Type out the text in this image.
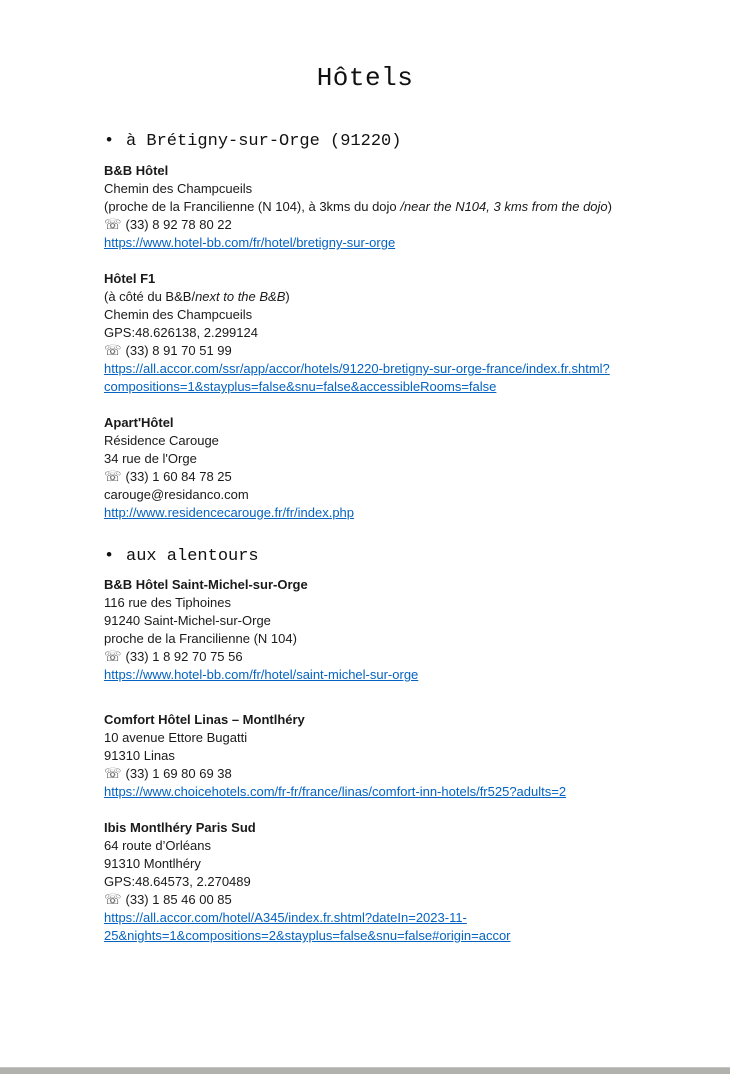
Hôtels
• à Brétigny-sur-Orge (91220)
B&B Hôtel
Chemin des Champcueils
(proche de la Francilienne (N 104), à 3kms du dojo /near the N104, 3 kms from the dojo)
☏ (33) 8 92 78 80 22
https://www.hotel-bb.com/fr/hotel/bretigny-sur-orge
Hôtel F1
(à côté du B&B/next to the B&B)
Chemin des Champcueils
GPS:48.626138, 2.299124
☏ (33) 8 91 70 51 99
https://all.accor.com/ssr/app/accor/hotels/91220-bretigny-sur-orge-france/index.fr.shtml?compositions=1&stayplus=false&snu=false&accessibleRooms=false
Apart'Hôtel
Résidence Carouge
34 rue de l'Orge
☏ (33) 1 60 84 78 25
carouge@residanco.com
http://www.residencecarouge.fr/fr/index.php
• aux alentours
B&B Hôtel Saint-Michel-sur-Orge
116 rue des Tiphoines
91240 Saint-Michel-sur-Orge
proche de la Francilienne (N 104)
☏ (33) 1 8 92 70 75 56
https://www.hotel-bb.com/fr/hotel/saint-michel-sur-orge
Comfort Hôtel Linas – Montlhéry
10 avenue Ettore Bugatti
91310 Linas
☏ (33) 1 69 80 69 38
https://www.choicehotels.com/fr-fr/france/linas/comfort-inn-hotels/fr525?adults=2
Ibis Montlhéry Paris Sud
64 route d’Orléans
91310 Montlhéry
GPS:48.64573, 2.270489
☏ (33) 1 85 46 00 85
https://all.accor.com/hotel/A345/index.fr.shtml?dateIn=2023-11-25&nights=1&compositions=2&stayplus=false&snu=false#origin=accor
